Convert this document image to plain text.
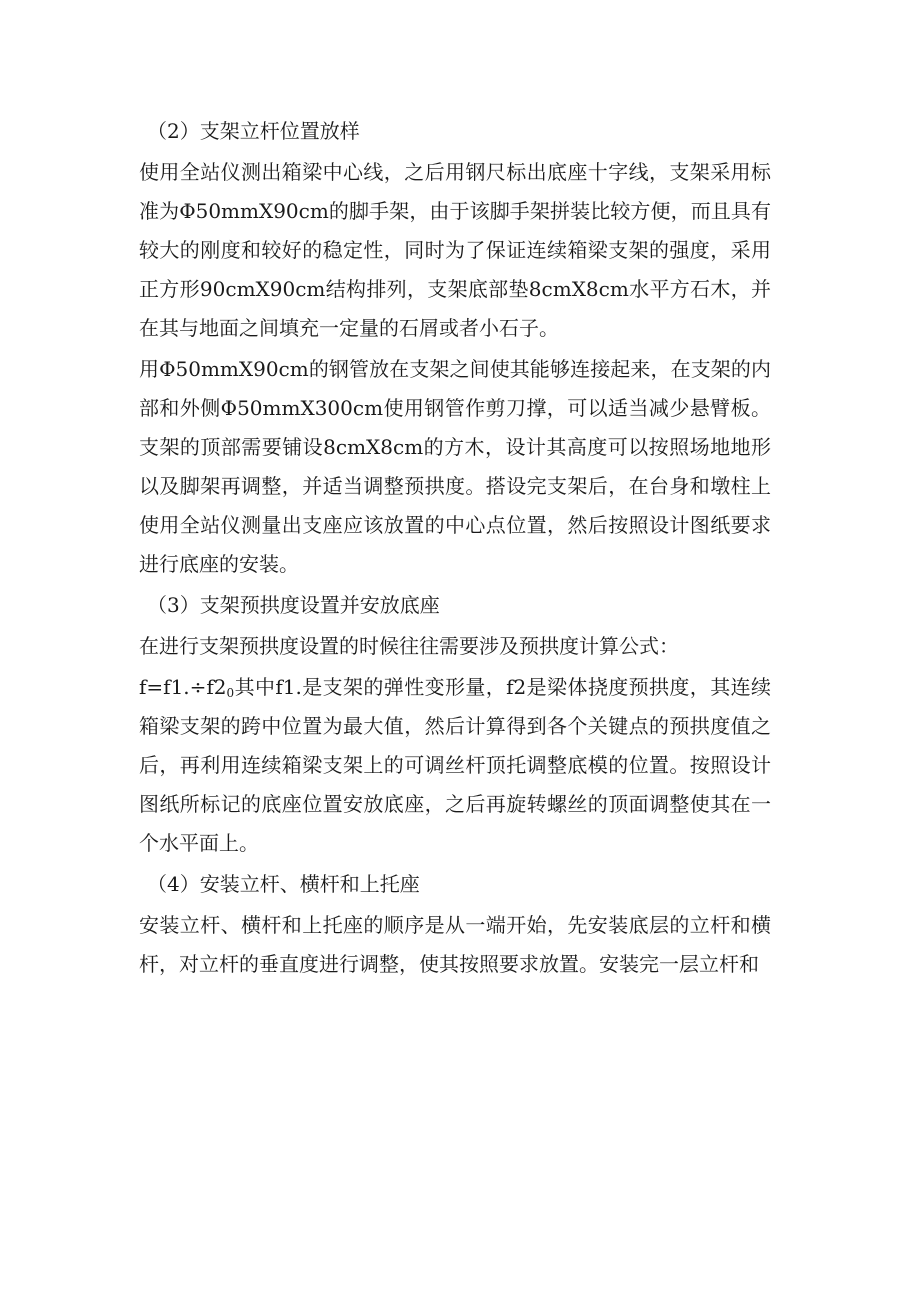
（2）支架立杆位置放样
使用全站仪测出箱梁中心线，之后用钢尺标出底座十字线，支架采用标准为Φ50mmX90cm的脚手架，由于该脚手架拼装比较方便，而且具有较大的刚度和较好的稳定性，同时为了保证连续箱梁支架的强度，采用正方形90cmX90cm结构排列，支架底部垫8cmX8cm水平方石木，并在其与地面之间填充一定量的石屑或者小石子。
用Φ50mmX90cm的钢管放在支架之间使其能够连接起来，在支架的内部和外侧Φ50mmX300cm使用钢管作剪刀撑，可以适当减少悬臂板。支架的顶部需要铺设8cmX8cm的方木，设计其高度可以按照场地地形以及脚架再调整，并适当调整预拱度。搭设完支架后，在台身和墩柱上使用全站仪测量出支座应该放置的中心点位置，然后按照设计图纸要求进行底座的安装。
（3）支架预拱度设置并安放底座
在进行支架预拱度设置的时候往往需要涉及预拱度计算公式：
$f=f1.\div f2_0$其中f1.是支架的弹性变形量，f2是梁体挠度预拱度，其连续箱梁支架的跨中位置为最大值，然后计算得到各个关键点的预拱度值之后，再利用连续箱梁支架上的可调丝杆顶托调整底模的位置。按照设计图纸所标记的底座位置安放底座，之后再旋转螺丝的顶面调整使其在一个水平面上。
（4）安装立杆、横杆和上托座
安装立杆、横杆和上托座的顺序是从一端开始，先安装底层的立杆和横杆，对立杆的垂直度进行调整，使其按照要求放置。安装完一层立杆和
